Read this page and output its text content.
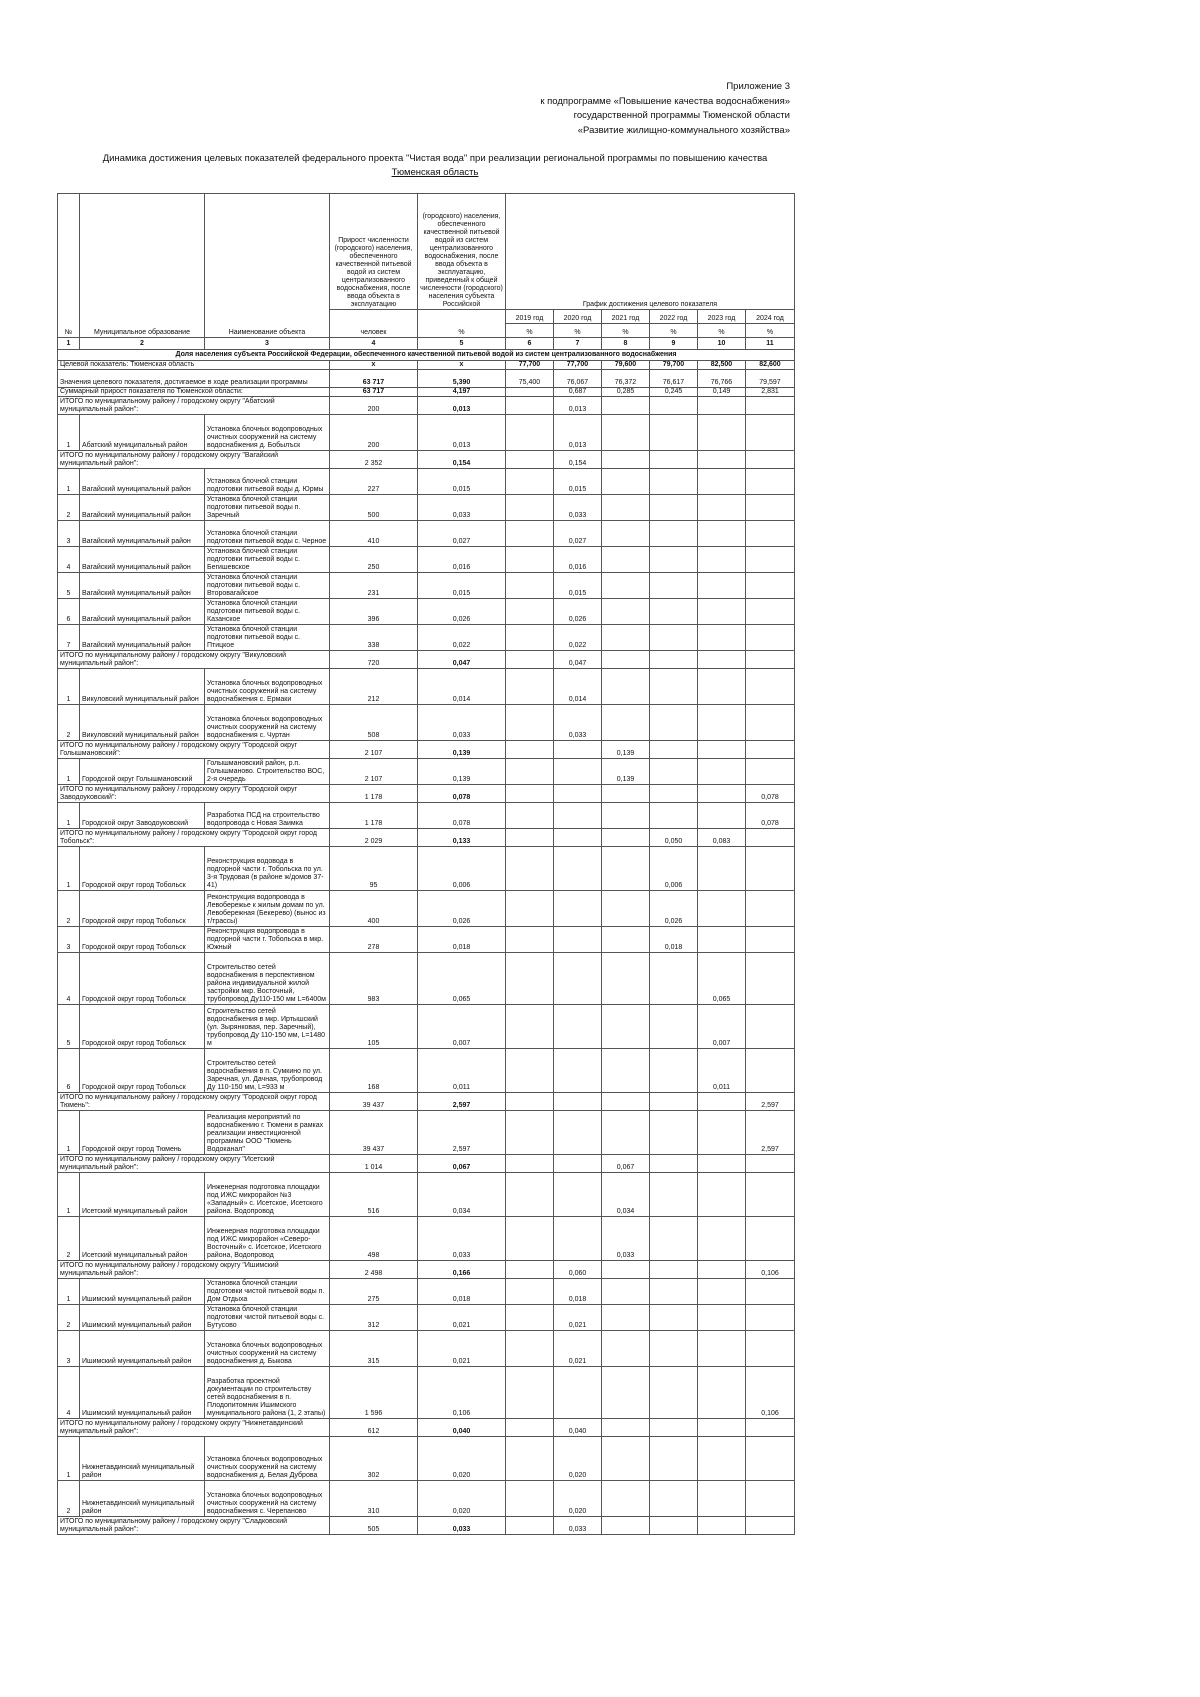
Приложение 3
к подпрограмме «Повышение качества водоснабжения»
государственной программы Тюменской области
«Развитие жилищно-коммунального хозяйства»
Динамика достижения целевых показателей федерального проекта "Чистая вода" при реализации региональной программы по повышению качества
Тюменская область
№	Муниципальное образование	Наименование объекта	Прирост численности (городского) населения, обеспеченного качественной питьевой водой из систем централизованного водоснабжения, после ввода объекта в эксплуатацию	(городского) населения, обеспеченного качественной питьевой водой из систем централизованного водоснабжения, после ввода объекта в эксплуатацию, приведенный к общей численности (городского) населения субъекта Российской	График достижения целевого показателя					
			человек	%	2019 год	2020 год	2021 год	2022 год	2023 год	2024 год
					%	%	%	%	%	%
1	2	3	4	5	6	7	8	9	10	11
Доля населения субъекта Российской Федерации, обеспеченного качественной питьевой водой из систем централизованного водоснабжения										
Целевой показатель: Тюменская область			x	x	77,700	77,700	79,600	79,700	82,500	82,600
Значения целевого показателя, достигаемое в ходе реализации программы			63 717	5,390	75,400	76,067	76,372	76,617	76,766	79,597
Суммарный прирост показателя по Тюменской области:			63 717	4,197		0,687	0,285	0,245	0,149	2,831
ИТОГО по муниципальному району / городскому округу "Абатский муниципальный район":			200	0,013		0,013				
1	Абатский муниципальный район	Установка блочных водопроводных очистных сооружений на систему водоснабжения д. Бобылъск	200	0,013		0,013				
ИТОГО по муниципальному району / городскому округу "Вагайский муниципальный район":			2 352	0,154		0,154				
1	Вагайский муниципальный район	Установка блочной станции подготовки питьевой воды д. Юрмы	227	0,015		0,015				
2	Вагайский муниципальный район	Установка блочной станции подготовки питьевой воды п. Заречный	500	0,033		0,033				
3	Вагайский муниципальный район	Установка блочной станции подготовки питьевой воды с. Черное	410	0,027		0,027				
4	Вагайский муниципальный район	Установка блочной станции подготовки питьевой воды с. Бегишевское	250	0,016		0,016				
5	Вагайский муниципальный район	Установка блочной станции подготовки питьевой воды с. Второвагайское	231	0,015		0,015				
6	Вагайский муниципальный район	Установка блочной станции подготовки питьевой воды с. Казанское	396	0,026		0,026				
7	Вагайский муниципальный район	Установка блочной станции подготовки питьевой воды с. Птицкое	338	0,022		0,022				
ИТОГО по муниципальному району / городскому округу "Викуловский муниципальный район":			720	0,047		0,047				
1	Викуловский муниципальный район	Установка блочных водопроводных очистных сооружений на систему водоснабжения с. Ермаки	212	0,014		0,014				
2	Викуловский муниципальный район	Установка блочных водопроводных очистных сооружений на систему водоснабжения с. Чуртан	508	0,033		0,033				
ИТОГО по муниципальному району / городскому округу "Городской округ Голышмановский":			2 107	0,139			0,139			
1	Городской округ Голышмановский	Голышмановский район, р.п. Голышманово. Строительство ВОС, 2-я очередь	2 107	0,139			0,139			
ИТОГО по муниципальному району / городскому округу "Городской округ Заводоуковский":			1 178	0,078						0,078
1	Городской округ Заводоуковский	Разработка ПСД на строительство водопровода с Новая Заимка	1 178	0,078						0,078
ИТОГО по муниципальному району / городскому округу "Городской округ город Тобольск":			2 029	0,133				0,050	0,083	
1	Городской округ город Тобольск	Реконструкция водовода в подгорной части г. Тобольска по ул. 3-я Трудовая (в районе ж/домов 37-41)	95	0,006				0,006		
2	Городской округ город Тобольск	Реконструкция водопровода в Левобережье к жилым домам по ул. Левобережная (Бекерево) (вынос из т/трассы)	400	0,026				0,026		
3	Городской округ город Тобольск	Реконструкция водопровода в подгорной части г. Тобольска в мкр. Южный	278	0,018				0,018		
4	Городской округ город Тобольск	Строительство сетей водоснабжения в перспективном района индивидуальной жилой застройки мкр. Восточный, трубопровод Ду110-150 мм L=6400м	983	0,065					0,065	
5	Городской округ город Тобольск	Строительство сетей водоснабжения в мкр. Иртышский (ул. Зырянковая, пер. Заречный), трубопровод Ду 110-150 мм, L=1480 м	105	0,007					0,007	
6	Городской округ город Тобольск	Строительство сетей водоснабжения в п. Сумкино по ул. Заречная, ул. Дачная, трубопровод Ду 110-150 мм, L=933 м	168	0,011					0,011	
ИТОГО по муниципальному району / городскому округу "Городской округ город Тюмень":			39 437	2,597						2,597
1	Городской округ город Тюмень	Реализация мероприятий по водоснабжению г. Тюмени в рамках реализации инвестиционной программы ООО "Тюмень Водоканал"	39 437	2,597						2,597
ИТОГО по муниципальному району / городскому округу "Исетский муниципальный район":			1 014	0,067			0,067			
1	Исетский муниципальный район	Инженерная подготовка площадки под ИЖС микрорайон №3 «Западный» с. Исетское, Исетского района. Водопровод	516	0,034			0,034			
2	Исетский муниципальный район	Инженерная подготовка площадки под ИЖС микрорайон «Северо-Восточный» с. Исетское, Исетского района, Водопровод	498	0,033			0,033			
ИТОГО по муниципальному району / городскому округу "Ишимский муниципальный район":			2 498	0,166		0,060				0,106
1	Ишимский муниципальный район	Установка блочной станции подготовки чистой питьевой воды п. Дом Отдыха	275	0,018		0,018				
2	Ишимский муниципальный район	Установка блочной станции подготовки чистой питьевой воды с. Бутусово	312	0,021		0,021				
3	Ишимский муниципальный район	Установка блочных водопроводных очистных сооружений на систему водоснабжения д. Быкова	315	0,021		0,021				
4	Ишимский муниципальный район	Разработка проектной документации по строительству сетей водоснабжения в п. Плодопитомник Ишимского муниципального района (1, 2 этапы)	1 596	0,106						0,106
ИТОГО по муниципальному району / городскому округу "Нижнетавдинский муниципальный район":			612	0,040		0,040				
1	Нижнетавдинский муниципальный район	Установка блочных водопроводных очистных сооружений на систему водоснабжения д. Белая Дуброва	302	0,020		0,020				
2	Нижнетавдинский муниципальный район	Установка блочных водопроводных очистных сооружений на систему водоснабжения с. Черепаново	310	0,020		0,020				
ИТОГО по муниципальному району / городскому округу "Сладковский муниципальный район":			505	0,033		0,033				
